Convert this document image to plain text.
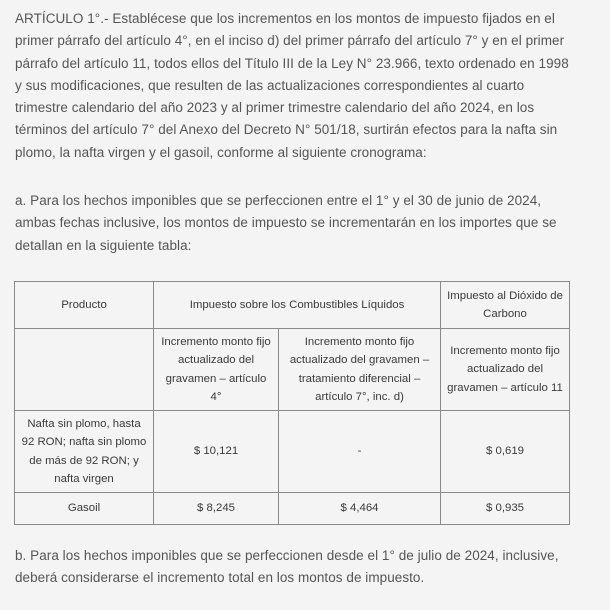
ARTÍCULO 1°.- Establécese que los incrementos en los montos de impuesto fijados en el primer párrafo del artículo 4°, en el inciso d) del primer párrafo del artículo 7° y en el primer párrafo del artículo 11, todos ellos del Título III de la Ley N° 23.966, texto ordenado en 1998 y sus modificaciones, que resulten de las actualizaciones correspondientes al cuarto trimestre calendario del año 2023 y al primer trimestre calendario del año 2024, en los términos del artículo 7° del Anexo del Decreto N° 501/18, surtirán efectos para la nafta sin plomo, la nafta virgen y el gasoil, conforme al siguiente cronograma:

a. Para los hechos imponibles que se perfeccionen entre el 1° y el 30 de junio de 2024, ambas fechas inclusive, los montos de impuesto se incrementarán en los importes que se detallan en la siguiente tabla:

Producto	Impuesto sobre los Combustibles Líquidos		Impuesto al Dióxido de Carbono
	Incremento monto fijo actualizado del gravamen – artículo 4°	Incremento monto fijo actualizado del gravamen – tratamiento diferencial – artículo 7°, inc. d)	Incremento monto fijo actualizado del gravamen – artículo 11
Nafta sin plomo, hasta 92 RON; nafta sin plomo de más de 92 RON; y nafta virgen	$ 10,121	-	$ 0,619
Gasoil	$ 8,245	$ 4,464	$ 0,935

b. Para los hechos imponibles que se perfeccionen desde el 1° de julio de 2024, inclusive, deberá considerarse el incremento total en los montos de impuesto.
